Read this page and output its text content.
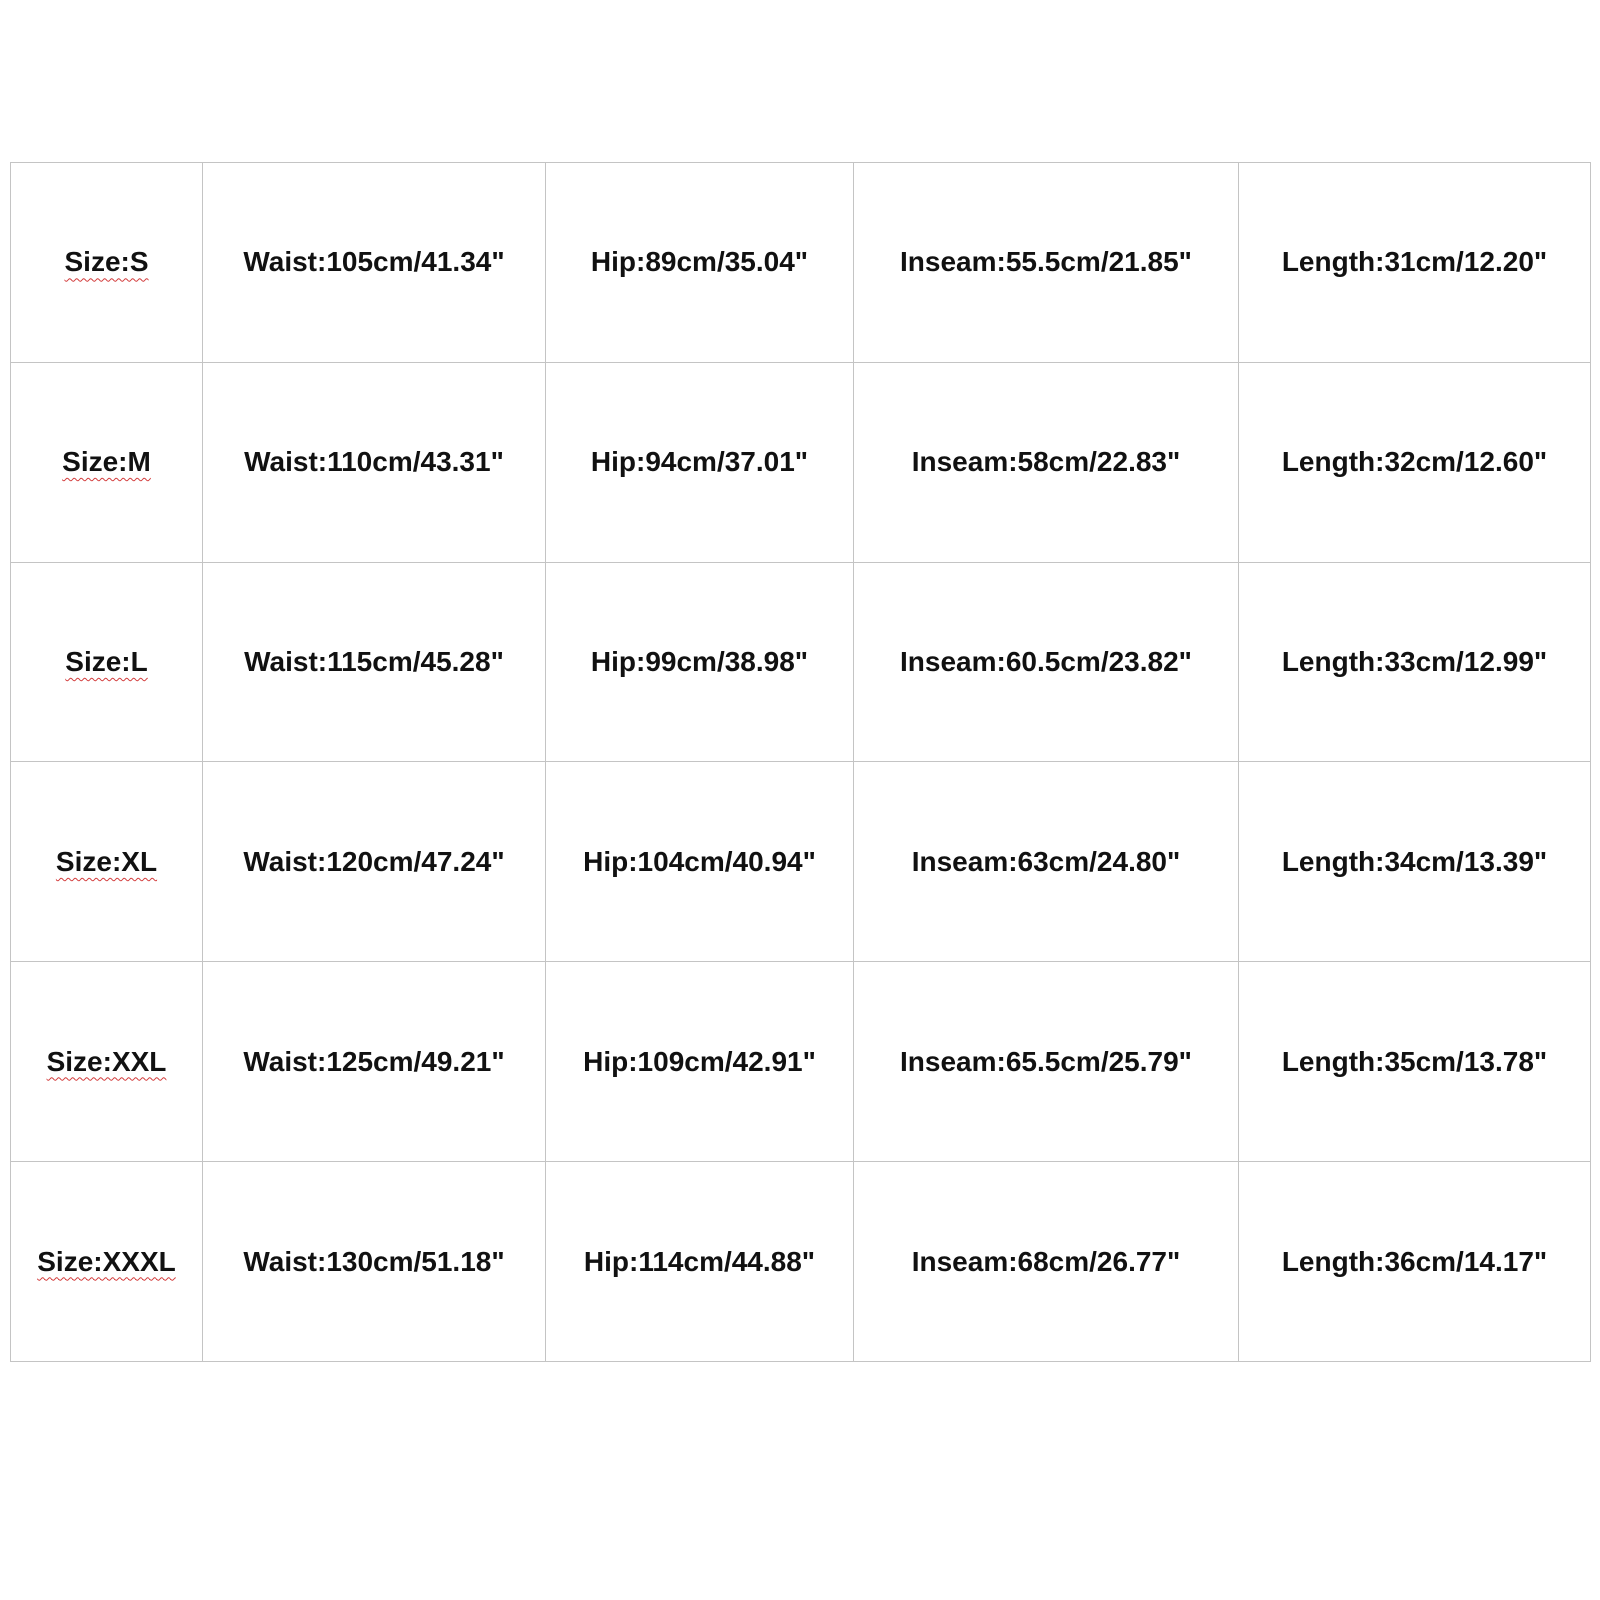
Size:S	Waist:105cm/41.34"	Hip:89cm/35.04"	Inseam:55.5cm/21.85"	Length:31cm/12.20"
Size:M	Waist:110cm/43.31"	Hip:94cm/37.01"	Inseam:58cm/22.83"	Length:32cm/12.60"
Size:L	Waist:115cm/45.28"	Hip:99cm/38.98"	Inseam:60.5cm/23.82"	Length:33cm/12.99"
Size:XL	Waist:120cm/47.24"	Hip:104cm/40.94"	Inseam:63cm/24.80"	Length:34cm/13.39"
Size:XXL	Waist:125cm/49.21"	Hip:109cm/42.91"	Inseam:65.5cm/25.79"	Length:35cm/13.78"
Size:XXXL	Waist:130cm/51.18"	Hip:114cm/44.88"	Inseam:68cm/26.77"	Length:36cm/14.17"
